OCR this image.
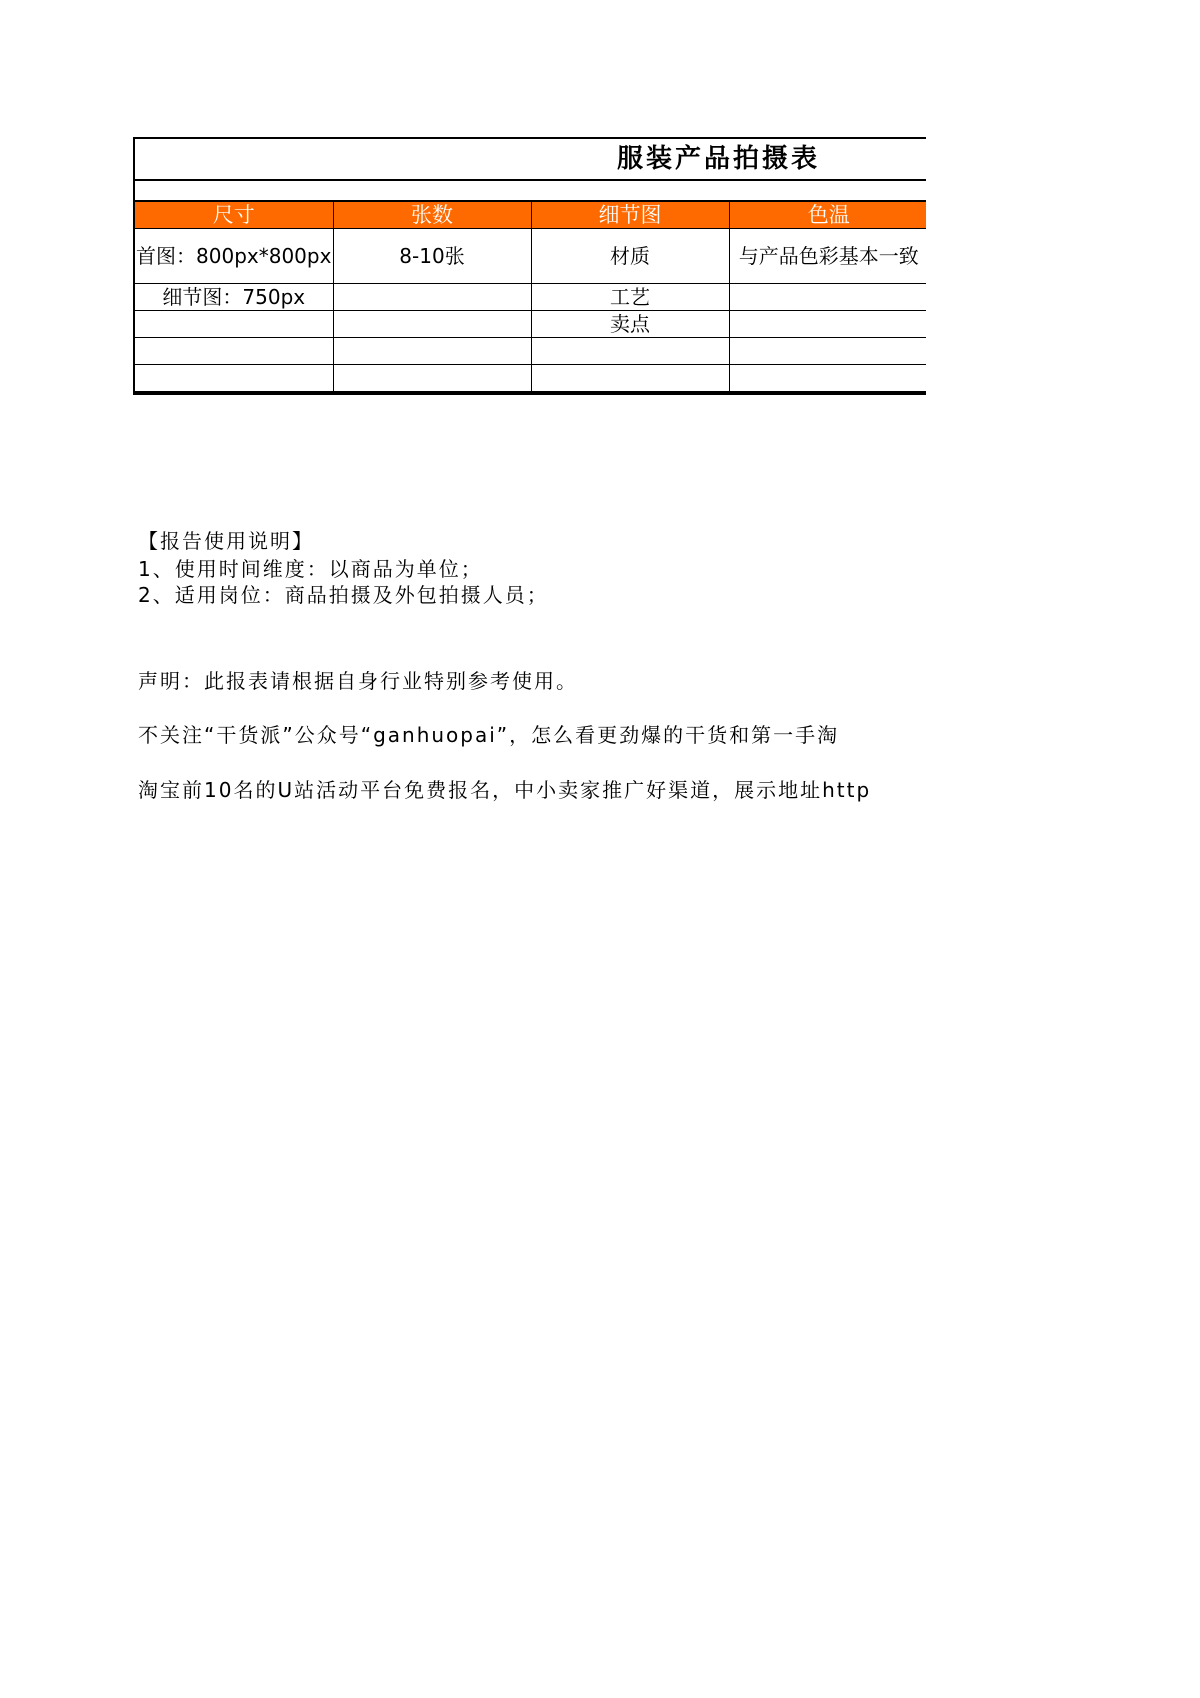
服装产品拍摄表
尺寸	张数	细节图	色温
首图：800px*800px	8-10张	材质	与产品色彩基本一致
细节图：750px		工艺	
		卖点	

【报告使用说明】
1、使用时间维度：以商品为单位；
2、适用岗位：商品拍摄及外包拍摄人员；
声明：此报表请根据自身行业特别参考使用。
不关注“干货派”公众号“ganhuopai”，怎么看更劲爆的干货和第一手淘
淘宝前10名的U站活动平台免费报名，中小卖家推广好渠道，展示地址http
